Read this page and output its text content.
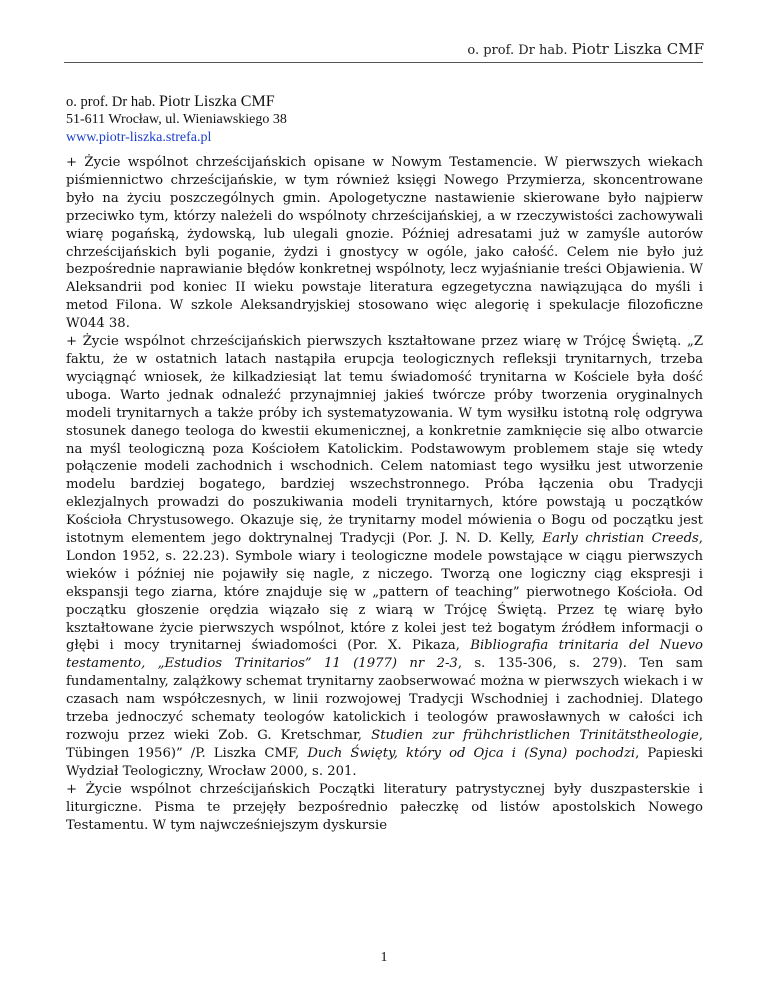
o. prof. Dr hab. Piotr Liszka CMF
o. prof. Dr hab. Piotr Liszka CMF
51-611 Wrocław, ul. Wieniawskiego 38
www.piotr-liszka.strefa.pl

+ Życie wspólnot chrześcijańskich opisane w Nowym Testamencie. W pierwszych wiekach piśmiennictwo chrześcijańskie, w tym również księgi Nowego Przymierza, skoncentrowane było na życiu poszczególnych gmin. Apologetyczne nastawienie skierowane było najpierw przeciwko tym, którzy należeli do wspólnoty chrześcijańskiej, a w rzeczywistości zachowywali wiarę pogańską, żydowską, lub ulegali gnozie. Później adresatami już w zamyśle autorów chrześcijańskich byli poganie, żydzi i gnostycy w ogóle, jako całość. Celem nie było już bezpośrednie naprawianie błędów konkretnej wspólnoty, lecz wyjaśnianie treści Objawienia. W Aleksandrii pod koniec II wieku powstaje literatura egzegetyczna nawiązująca do myśli i metod Filona. W szkole Aleksandryjskiej stosowano więc alegorię i spekulacje filozoficzne W044 38.

+ Życie wspólnot chrześcijańskich pierwszych kształtowane przez wiarę w Trójcę Świętą. „Z faktu, że w ostatnich latach nastąpiła erupcja teologicznych refleksji trynitarnych, trzeba wyciągnąć wniosek, że kilkadziesiąt lat temu świadomość trynitarna w Kościele była dość uboga. Warto jednak odnaleźć przynajmniej jakieś twórcze próby tworzenia oryginalnych modeli trynitarnych a także próby ich systematyzowania. W tym wysiłku istotną rolę odgrywa stosunek danego teologa do kwestii ekumenicznej, a konkretnie zamknięcie się albo otwarcie na myśl teologiczną poza Kościołem Katolickim. Podstawowym problemem staje się wtedy połączenie modeli zachodnich i wschodnich. Celem natomiast tego wysiłku jest utworzenie modelu bardziej bogatego, bardziej wszechstronnego. Próba łączenia obu Tradycji eklezjalnych prowadzi do poszukiwania modeli trynitarnych, które powstają u początków Kościoła Chrystusowego. Okazuje się, że trynitarny model mówienia o Bogu od początku jest istotnym elementem jego doktrynalnej Tradycji (Por. J. N. D. Kelly, Early christian Creeds, London 1952, s. 22.23). Symbole wiary i teologiczne modele powstające w ciągu pierwszych wieków i później nie pojawiły się nagle, z niczego. Tworzą one logiczny ciąg ekspresji i ekspansji tego ziarna, które znajduje się w „pattern of teaching” pierwotnego Kościoła. Od początku głoszenie orędzia wiązało się z wiarą w Trójcę Świętą. Przez tę wiarę było kształtowane życie pierwszych wspólnot, które z kolei jest też bogatym źródłem informacji o głębi i mocy trynitarnej świadomości (Por. X. Pikaza, Bibliografia trinitaria del Nuevo testamento, „Estudios Trinitarios” 11 (1977) nr 2-3, s. 135-306, s. 279). Ten sam fundamentalny, zalążkowy schemat trynitarny zaobserwować można w pierwszych wiekach i w czasach nam współczesnych, w linii rozwojowej Tradycji Wschodniej i zachodniej. Dlatego trzeba jednoczyć schematy teologów katolickich i teologów prawosławnych w całości ich rozwoju przez wieki Zob. G. Kretschmar, Studien zur frühchristlichen Trinitätstheologie, Tübingen 1956)” /P. Liszka CMF, Duch Święty, który od Ojca i (Syna) pochodzi, Papieski Wydział Teologiczny, Wrocław 2000, s. 201.

+ Życie wspólnot chrześcijańskich Początki literatury patrystycznej były duszpasterskie i liturgiczne. Pisma te przejęły bezpośrednio pałeczkę od listów apostolskich Nowego Testamentu. W tym najwcześniejszym dyskursie

1
